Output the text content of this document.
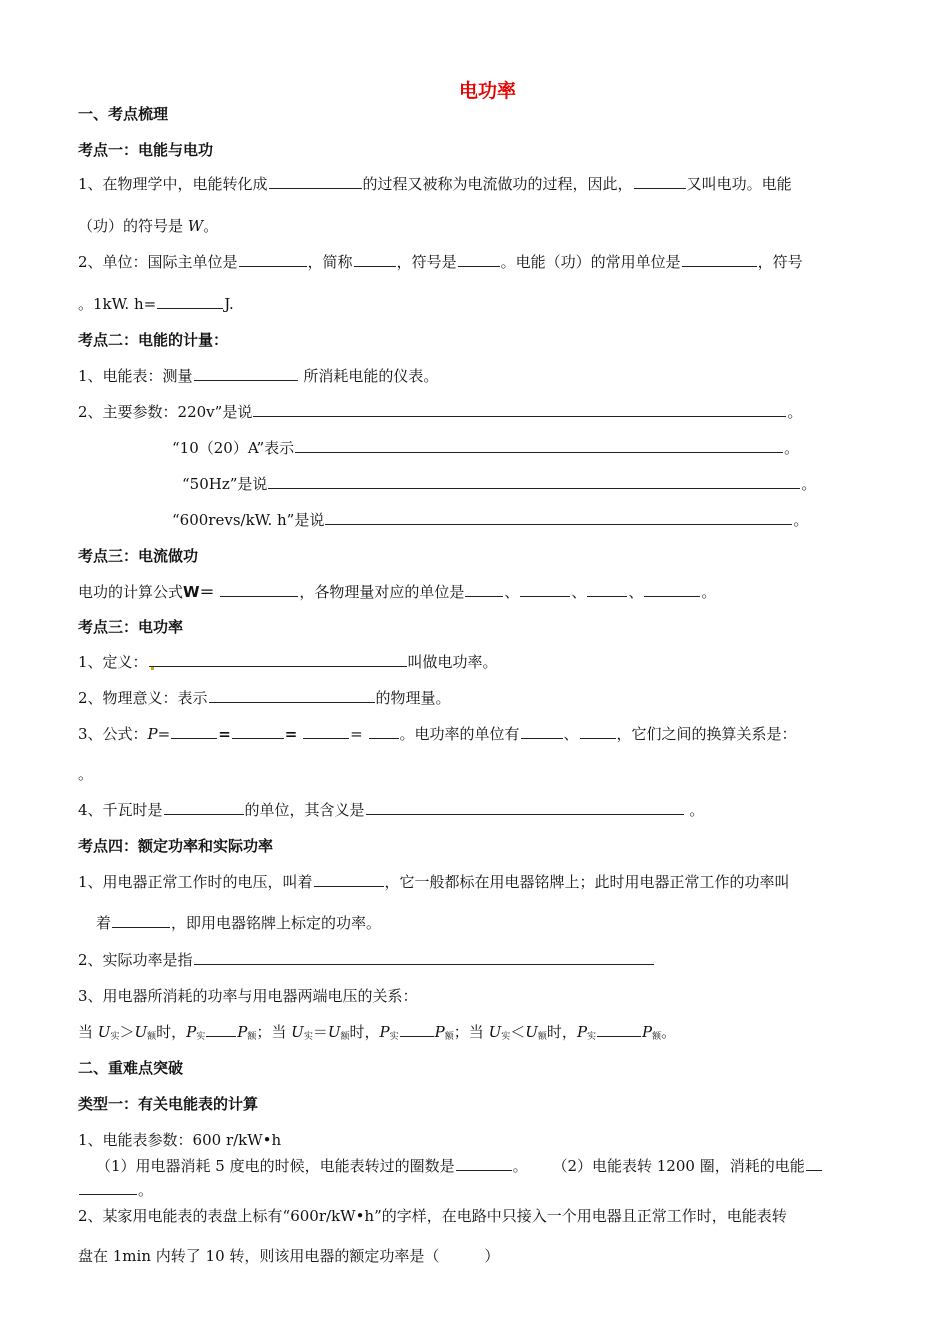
电功率
一、考点梳理
考点一：电能与电功
1、在物理学中，电能转化成	的过程又被称为电流做功的过程，因此，	又叫电功。电能
（功）的符号是 W。
2、单位：国际主单位是	，简称	，符号是	。电能（功）的常用单位是	，符号
。1kW. h=	J.
考点二：电能的计量：
1、电能表：测量	所消耗电能的仪表。
2、主要参数：220v”是说	。
“10（20）A”表示	。
“50Hz”是说	。
“600revs/kW. h”是说	。
考点三：电流做功
电功的计算公式W＝	，各物理量对应的单位是	、	、	、	。
考点三：电功率
1、定义：	叫做电功率。
2、物理意义：表示	的物理量。
3、公式：P=	=	=	= 。电功率的单位有	、	，它们之间的换算关系是：
。
4、千瓦时是	的单位，其含义是	。
考点四：额定功率和实际功率
1、用电器正常工作时的电压，叫着	，它一般都标在用电器铭牌上；此时用电器正常工作的功率叫
着	，即用电器铭牌上标定的功率。
2、实际功率是指
3、用电器所消耗的功率与用电器两端电压的关系：
当 $U_实>U_额$时，$P_实$ $P_额$；当 $U_实=U_额$时，$P_实$ $P_额$；当 $U_实<U_额$时，$P_实$	$P_额$。
二、重难点突破
类型一：有关电能表的计算
1、电能表参数：600 r/kW•h
（1）用电器消耗 5 度电的时候，电能表转过的圈数是	。 （2）电能表转 1200 圈，消耗的电能
。
2、某家用电能表的表盘上标有“600r/kW•h”的字样，在电路中只接入一个用电器且正常工作时，电能表转
盘在 1min 内转了 10 转，则该用电器的额定功率是（　　　）
